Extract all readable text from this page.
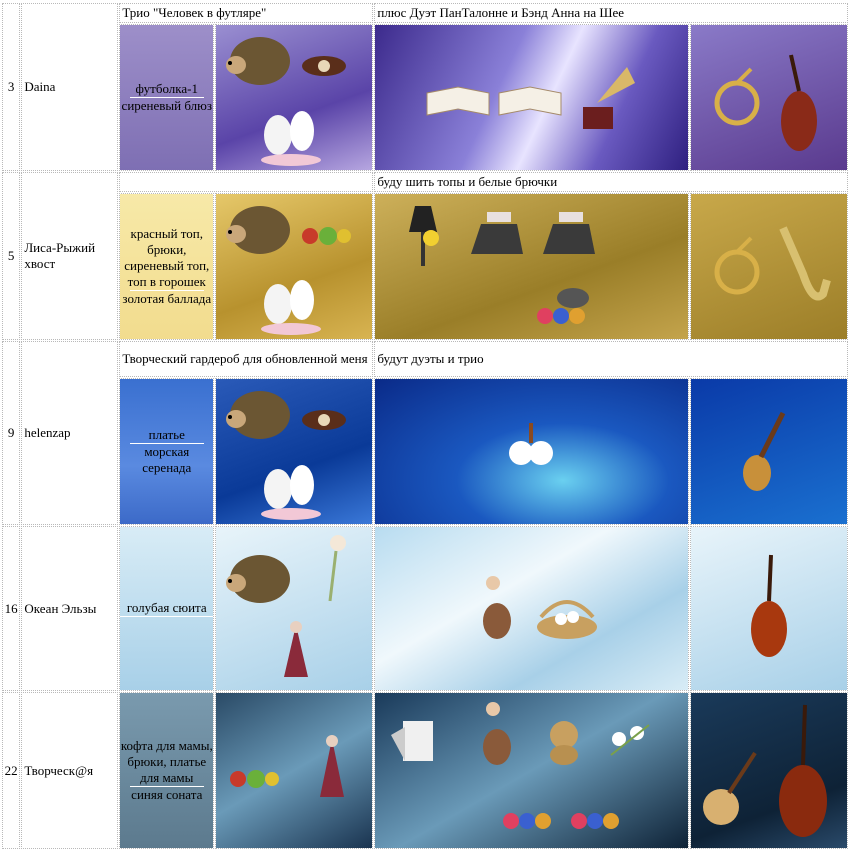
3	Daina	Трио "Человек в футляре"		плюс Дуэт ПанТалонне и Бэнд Анна на Шее	

		футболка-1
сиреневый блюз

5	Лиса-Рыжий хвост			буду шить топы и белые брючки	

		красный топ, брюки, сиреневый топ, топ в горошек
золотая баллада

9	helenzap	Творческий гардероб для обновленной меня		будут дуэты и трио	

		платье
морская серенада

16	Океан Эльзы	голубая сюита

22	Творческ@я	кофта для мамы, брюки, платье для мамы
синяя соната
